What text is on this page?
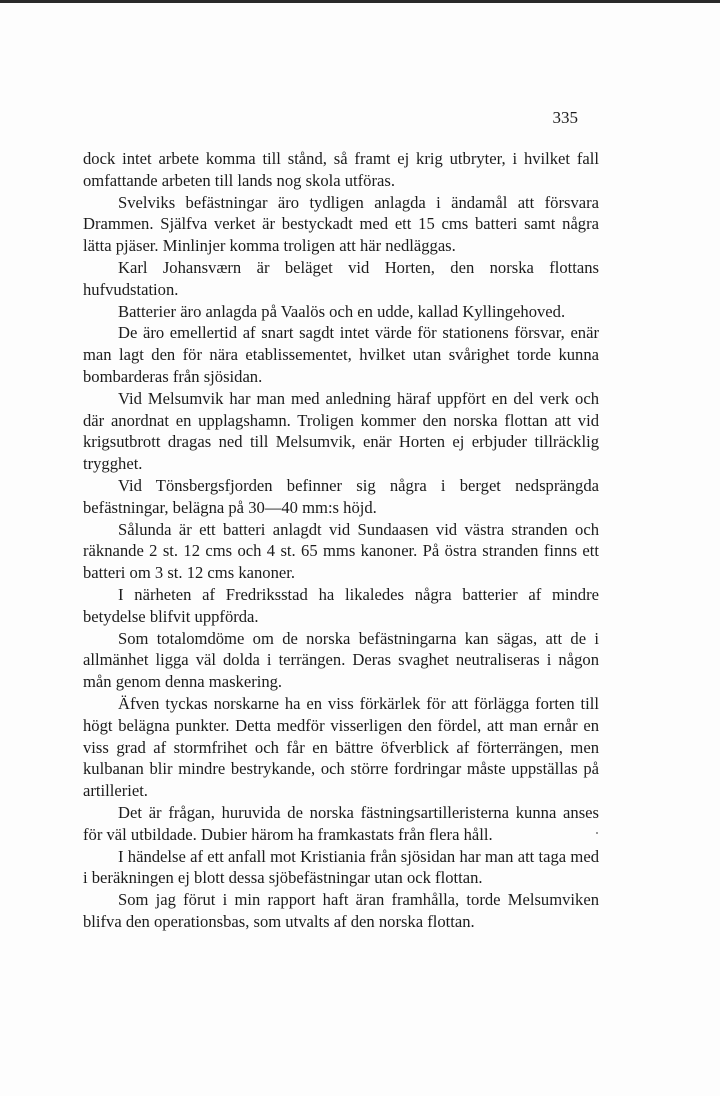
335

dock intet arbete komma till stånd, så framt ej krig utbryter, i hvilket fall omfattande arbeten till lands nog skola utföras.

Svelviks befästningar äro tydligen anlagda i ändamål att försvara Drammen. Själfva verket är bestyckadt med ett 15 cms batteri samt några lätta pjäser. Minlinjer komma troligen att här nedläggas.

Karl Johansværn är beläget vid Horten, den norska flottans hufvudstation.

Batterier äro anlagda på Vaalös och en udde, kallad Kyllingehoved.

De äro emellertid af snart sagdt intet värde för stationens försvar, enär man lagt den för nära etablissementet, hvilket utan svårighet torde kunna bombarderas från sjösidan.

Vid Melsumvik har man med anledning häraf uppfört en del verk och där anordnat en upplagshamn. Troligen kommer den norska flottan att vid krigsutbrott dragas ned till Melsumvik, enär Horten ej erbjuder tillräcklig trygghet.

Vid Tönsbergsfjorden befinner sig några i berget nedsprängda befästningar, belägna på 30—40 mm:s höjd.

Sålunda är ett batteri anlagdt vid Sundaasen vid västra stranden och räknande 2 st. 12 cms och 4 st. 65 mms kanoner. På östra stranden finns ett batteri om 3 st. 12 cms kanoner.

I närheten af Fredriksstad ha likaledes några batterier af mindre betydelse blifvit uppförda.

Som totalomdöme om de norska befästningarna kan sägas, att de i allmänhet ligga väl dolda i terrängen. Deras svaghet neutraliseras i någon mån genom denna maskering.

Äfven tyckas norskarne ha en viss förkärlek för att förlägga forten till högt belägna punkter. Detta medför visserligen den fördel, att man ernår en viss grad af stormfrihet och får en bättre öfverblick af förterrängen, men kulbanan blir mindre bestrykande, och större fordringar måste uppställas på artilleriet.

Det är frågan, huruvida de norska fästningsartilleristerna kunna anses för väl utbildade. Dubier härom ha framkastats från flera håll.

I händelse af ett anfall mot Kristiania från sjösidan har man att taga med i beräkningen ej blott dessa sjöbefästningar utan ock flottan.

Som jag förut i min rapport haft äran framhålla, torde Melsumviken blifva den operationsbas, som utvalts af den norska flottan.
